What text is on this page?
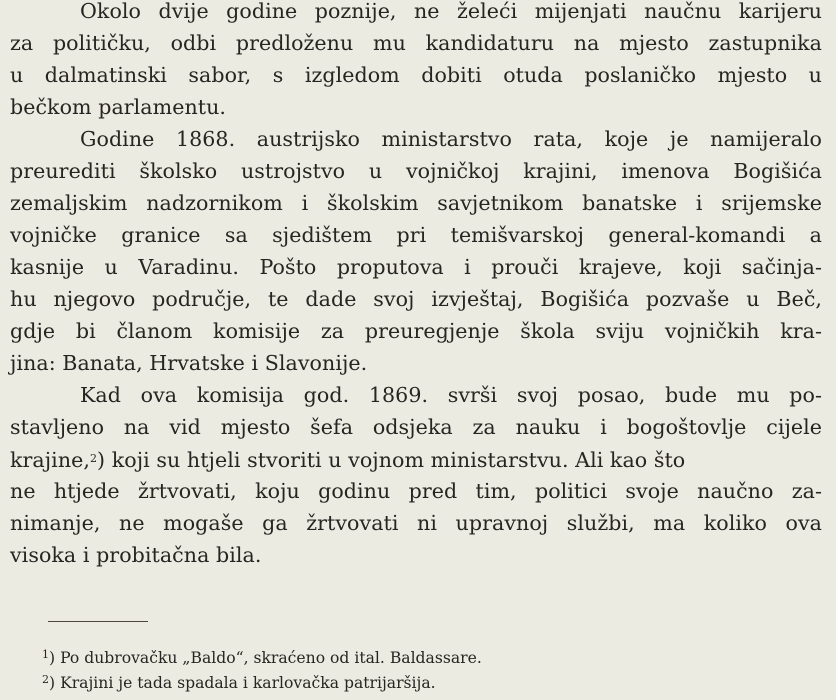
Okolo dvije godine poznije, ne želeći mijenjati naučnu karijeru
za političku, odbi predloženu mu kandidaturu na mjesto zastupnika
u dalmatinski sabor, s izgledom dobiti otuda poslaničko mjesto u
bečkom parlamentu.
Godine 1868. austrijsko ministarstvo rata, koje je namijeralo
preurediti školsko ustrojstvo u vojničkoj krajini, imenova Bogišića
zemaljskim nadzornikom i školskim savjetnikom banatske i srijemske
vojničke granice sa sjedištem pri temišvarskoj general-komandi a
kasnije u Varadinu. Pošto proputova i prouči krajeve, koji sačinja-
hu njegovo područje, te dade svoj izvještaj, Bogišića pozvaše u Beč,
gdje bi članom komisije za preuregjenje škola sviju vojničkih kra-
jina: Banata, Hrvatske i Slavonije.
Kad ova komisija god. 1869. svrši svoj posao, bude mu po-
stavljeno na vid mjesto šefa odsjeka za nauku i bogoštovlje cijele
krajine,$^2$) koji su htjeli stvoriti u vojnom ministarstvu. Ali kao što
ne htjede žrtvovati, koju godinu pred tim, politici svoje naučno za-
nimanje, ne mogaše ga žrtvovati ni upravnoj službi, ma koliko ova
visoka i probitačna bila.
$^1$) Po dubrovačku „Baldo“, skraćeno od ital. Baldassare.
$^2$) Krajini je tada spadala i karlovačka patrijaršija.
